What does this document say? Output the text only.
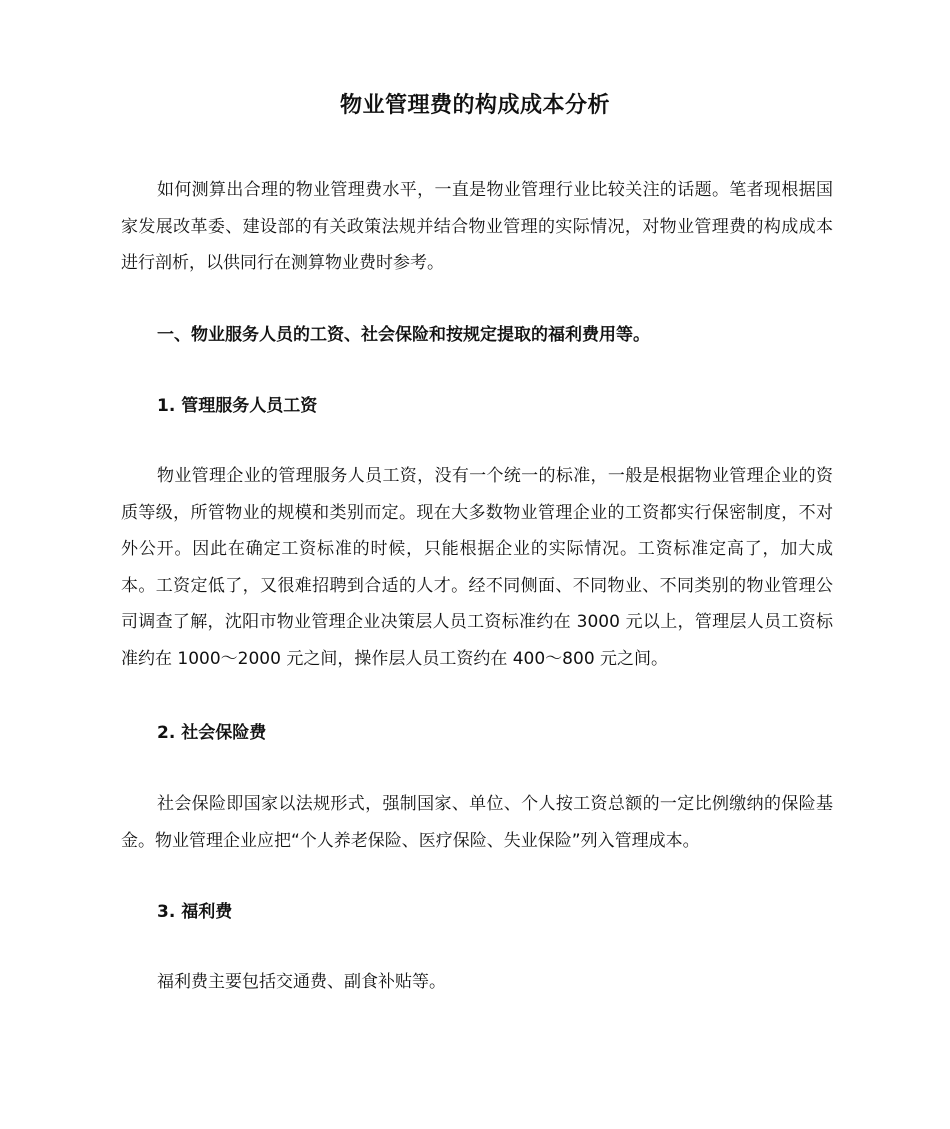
物业管理费的构成成本分析

如何测算出合理的物业管理费水平，一直是物业管理行业比较关注的话题。笔者现根据国家发展改革委、建设部的有关政策法规并结合物业管理的实际情况，对物业管理费的构成成本进行剖析，以供同行在测算物业费时参考。

一、物业服务人员的工资、社会保险和按规定提取的福利费用等。

1. 管理服务人员工资

物业管理企业的管理服务人员工资，没有一个统一的标准，一般是根据物业管理企业的资质等级，所管物业的规模和类别而定。现在大多数物业管理企业的工资都实行保密制度，不对外公开。因此在确定工资标准的时候，只能根据企业的实际情况。工资标准定高了，加大成本。工资定低了，又很难招聘到合适的人才。经不同侧面、不同物业、不同类别的物业管理公司调查了解，沈阳市物业管理企业决策层人员工资标准约在 3000 元以上，管理层人员工资标准约在 1000～2000 元之间，操作层人员工资约在 400～800 元之间。

2. 社会保险费

社会保险即国家以法规形式，强制国家、单位、个人按工资总额的一定比例缴纳的保险基金。物业管理企业应把“个人养老保险、医疗保险、失业保险”列入管理成本。

3. 福利费

福利费主要包括交通费、副食补贴等。
